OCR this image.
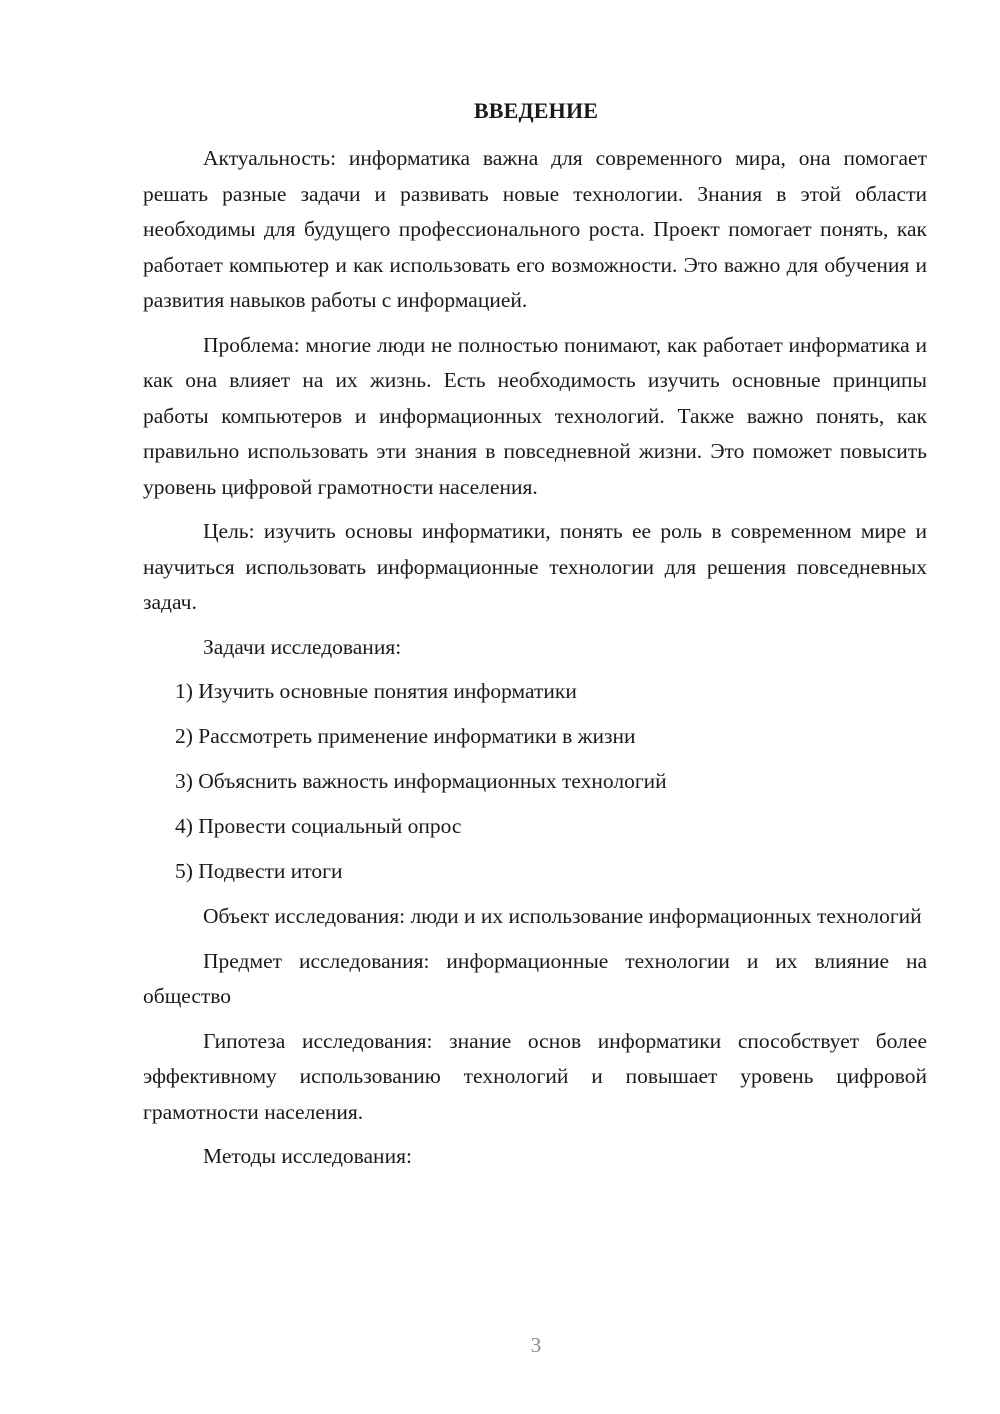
ВВЕДЕНИЕ

Актуальность: информатика важна для современного мира, она помогает решать разные задачи и развивать новые технологии. Знания в этой области необходимы для будущего профессионального роста. Проект помогает понять, как работает компьютер и как использовать его возможности. Это важно для обучения и развития навыков работы с информацией.

Проблема: многие люди не полностью понимают, как работает информатика и как она влияет на их жизнь. Есть необходимость изучить основные принципы работы компьютеров и информационных технологий. Также важно понять, как правильно использовать эти знания в повседневной жизни. Это поможет повысить уровень цифровой грамотности населения.

Цель: изучить основы информатики, понять ее роль в современном мире и научиться использовать информационные технологии для решения повседневных задач.

Задачи исследования:

1) Изучить основные понятия информатики
2) Рассмотреть применение информатики в жизни
3) Объяснить важность информационных технологий
4) Провести социальный опрос
5) Подвести итоги

Объект исследования: люди и их использование информационных технологий

Предмет исследования: информационные технологии и их влияние на общество

Гипотеза исследования: знание основ информатики способствует более эффективному использованию технологий и повышает уровень цифровой грамотности населения.

Методы исследования:

3
